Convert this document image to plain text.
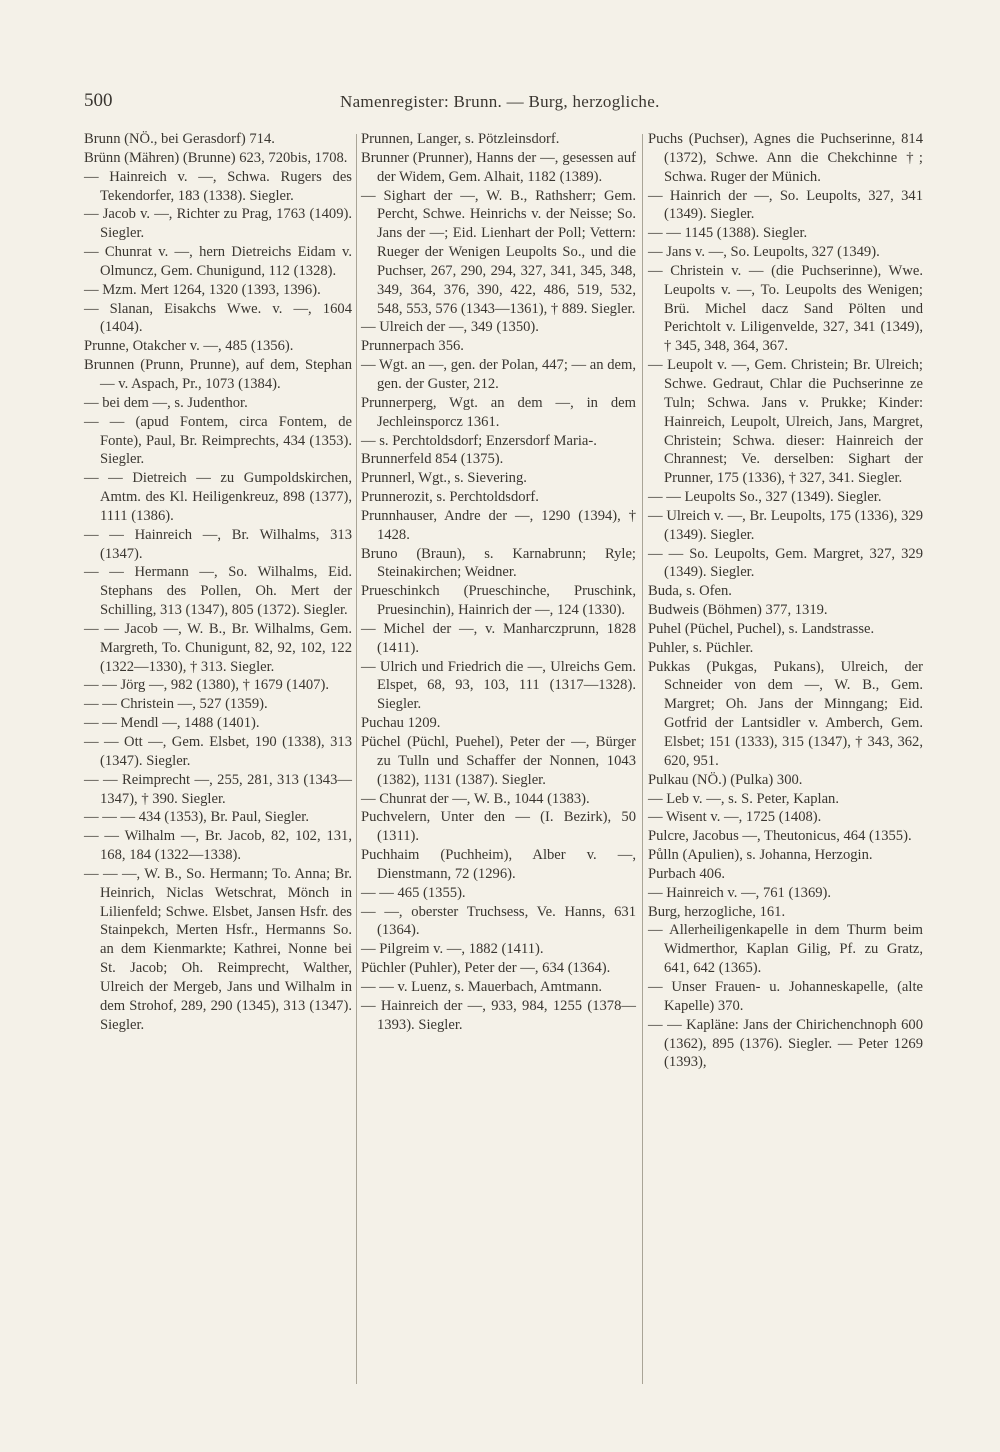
500	Namenregister: Brunn. — Burg, herzogliche.

Brunn (NÖ., bei Gerasdorf) 714.

Brünn (Mähren) (Brunne) 623, 720bis, 1708.

— Hainreich v. —, Schwa. Rugers des Tekendorfer, 183 (1338). Siegler.

— Jacob v. —, Richter zu Prag, 1763 (1409). Siegler.

— Chunrat v. —, hern Dietreichs Eidam v. Olmuncz, Gem. Chunigund, 112 (1328).

— Mzm. Mert 1264, 1320 (1393, 1396).

— Slanan, Eisakchs Wwe. v. —, 1604 (1404).

Prunne, Otakcher v. —, 485 (1356).

Brunnen (Prunn, Prunne), auf dem, Stephan — v. Aspach, Pr., 1073 (1384).

— bei dem —, s. Judenthor.

— — (apud Fontem, circa Fontem, de Fonte), Paul, Br. Reimprechts, 434 (1353). Siegler.

— — Dietreich — zu Gumpoldskirchen, Amtm. des Kl. Heiligenkreuz, 898 (1377), 1111 (1386).

— — Hainreich —, Br. Wilhalms, 313 (1347).

— — Hermann —, So. Wilhalms, Eid. Stephans des Pollen, Oh. Mert der Schilling, 313 (1347), 805 (1372). Siegler.

— — Jacob —, W. B., Br. Wilhalms, Gem. Margreth, To. Chunigunt, 82, 92, 102, 122 (1322—1330), † 313. Siegler.

— — Jörg —, 982 (1380), † 1679 (1407).

— — Christein —, 527 (1359).

— — Mendl —, 1488 (1401).

— — Ott —, Gem. Elsbet, 190 (1338), 313 (1347). Siegler.

— — Reimprecht —, 255, 281, 313 (1343—1347), † 390. Siegler.

— — — 434 (1353), Br. Paul, Siegler.

— — Wilhalm —, Br. Jacob, 82, 102, 131, 168, 184 (1322—1338).

— — —, W. B., So. Hermann; To. Anna; Br. Heinrich, Niclas Wetschrat, Mönch in Lilienfeld; Schwe. Elsbet, Jansen Hsfr. des Stainpekch, Merten Hsfr., Hermanns So. an dem Kienmarkte; Kathrei, Nonne bei St. Jacob; Oh. Reimprecht, Walther, Ulreich der Mergeb, Jans und Wilhalm in dem Strohof, 289, 290 (1345), 313 (1347). Siegler.

Prunnen, Langer, s. Pötzleinsdorf.

Brunner (Prunner), Hanns der —, gesessen auf der Widem, Gem. Alhait, 1182 (1389).

— Sighart der —, W. B., Rathsherr; Gem. Percht, Schwe. Heinrichs v. der Neisse; So. Jans der —; Eid. Lienhart der Poll; Vettern: Rueger der Wenigen Leupolts So., und die Puchser, 267, 290, 294, 327, 341, 345, 348, 349, 364, 376, 390, 422, 486, 519, 532, 548, 553, 576 (1343—1361), † 889. Siegler.

— Ulreich der —, 349 (1350).

Prunnerpach 356.

— Wgt. an —, gen. der Polan, 447; — an dem, gen. der Guster, 212.

Prunnerperg, Wgt. an dem —, in dem Jechleinsporcz 1361.

— s. Perchtoldsdorf; Enzersdorf Maria-.

Brunnerfeld 854 (1375).

Prunnerl, Wgt., s. Sievering.

Prunnerozit, s. Perchtoldsdorf.

Prunnhauser, Andre der —, 1290 (1394), † 1428.

Bruno (Braun), s. Karnabrunn; Ryle; Steinakirchen; Weidner.

Prueschinkch (Prueschinche, Pruschink, Pruesinchin), Hainrich der —, 124 (1330).

— Michel der —, v. Manharczprunn, 1828 (1411).

— Ulrich und Friedrich die —, Ulreichs Gem. Elspet, 68, 93, 103, 111 (1317—1328). Siegler.

Puchau 1209.

Püchel (Püchl, Puehel), Peter der —, Bürger zu Tulln und Schaffer der Nonnen, 1043 (1382), 1131 (1387). Siegler.

— Chunrat der —, W. B., 1044 (1383).

Puchvelern, Unter den — (I. Bezirk), 50 (1311).

Puchhaim (Puchheim), Alber v. —, Dienstmann, 72 (1296).

— — 465 (1355).

— —, oberster Truchsess, Ve. Hanns, 631 (1364).

— Pilgreim v. —, 1882 (1411).

Püchler (Puhler), Peter der —, 634 (1364).

— — v. Luenz, s. Mauerbach, Amtmann.

— Hainreich der —, 933, 984, 1255 (1378—1393). Siegler.

Puchs (Puchser), Agnes die Puchserinne, 814 (1372), Schwe. Ann die Chekchinne †; Schwa. Ruger der Münich.

— Hainrich der —, So. Leupolts, 327, 341 (1349). Siegler.

— — 1145 (1388). Siegler.

— Jans v. —, So. Leupolts, 327 (1349).

— Christein v. — (die Puchserinne), Wwe. Leupolts v. —, To. Leupolts des Wenigen; Brü. Michel dacz Sand Pölten und Perichtolt v. Liligenvelde, 327, 341 (1349), † 345, 348, 364, 367.

— Leupolt v. —, Gem. Christein; Br. Ulreich; Schwe. Gedraut, Chlar die Puchserinne ze Tuln; Schwa. Jans v. Prukke; Kinder: Hainreich, Leupolt, Ulreich, Jans, Margret, Christein; Schwa. dieser: Hainreich der Chrannest; Ve. derselben: Sighart der Prunner, 175 (1336), † 327, 341. Siegler.

— — Leupolts So., 327 (1349). Siegler.

— Ulreich v. —, Br. Leupolts, 175 (1336), 329 (1349). Siegler.

— — So. Leupolts, Gem. Margret, 327, 329 (1349). Siegler.

Buda, s. Ofen.

Budweis (Böhmen) 377, 1319.

Puhel (Püchel, Puchel), s. Landstrasse.

Puhler, s. Püchler.

Pukkas (Pukgas, Pukans), Ulreich, der Schneider von dem —, W. B., Gem. Margret; Oh. Jans der Minngang; Eid. Gotfrid der Lantsidler v. Amberch, Gem. Elsbet; 151 (1333), 315 (1347), † 343, 362, 620, 951.

Pulkau (NÖ.) (Pulka) 300.

— Leb v. —, s. S. Peter, Kaplan.

— Wisent v. —, 1725 (1408).

Pulcre, Jacobus —, Theutonicus, 464 (1355).

Půlln (Apulien), s. Johanna, Herzogin.

Purbach 406.

— Hainreich v. —, 761 (1369).

Burg, herzogliche, 161.

— Allerheiligenkapelle in dem Thurm beim Widmerthor, Kaplan Gilig, Pf. zu Gratz, 641, 642 (1365).

— Unser Frauen- u. Johanneskapelle, (alte Kapelle) 370.

— — Kapläne: Jans der Chirichenchnoph 600 (1362), 895 (1376). Siegler. — Peter 1269 (1393),
